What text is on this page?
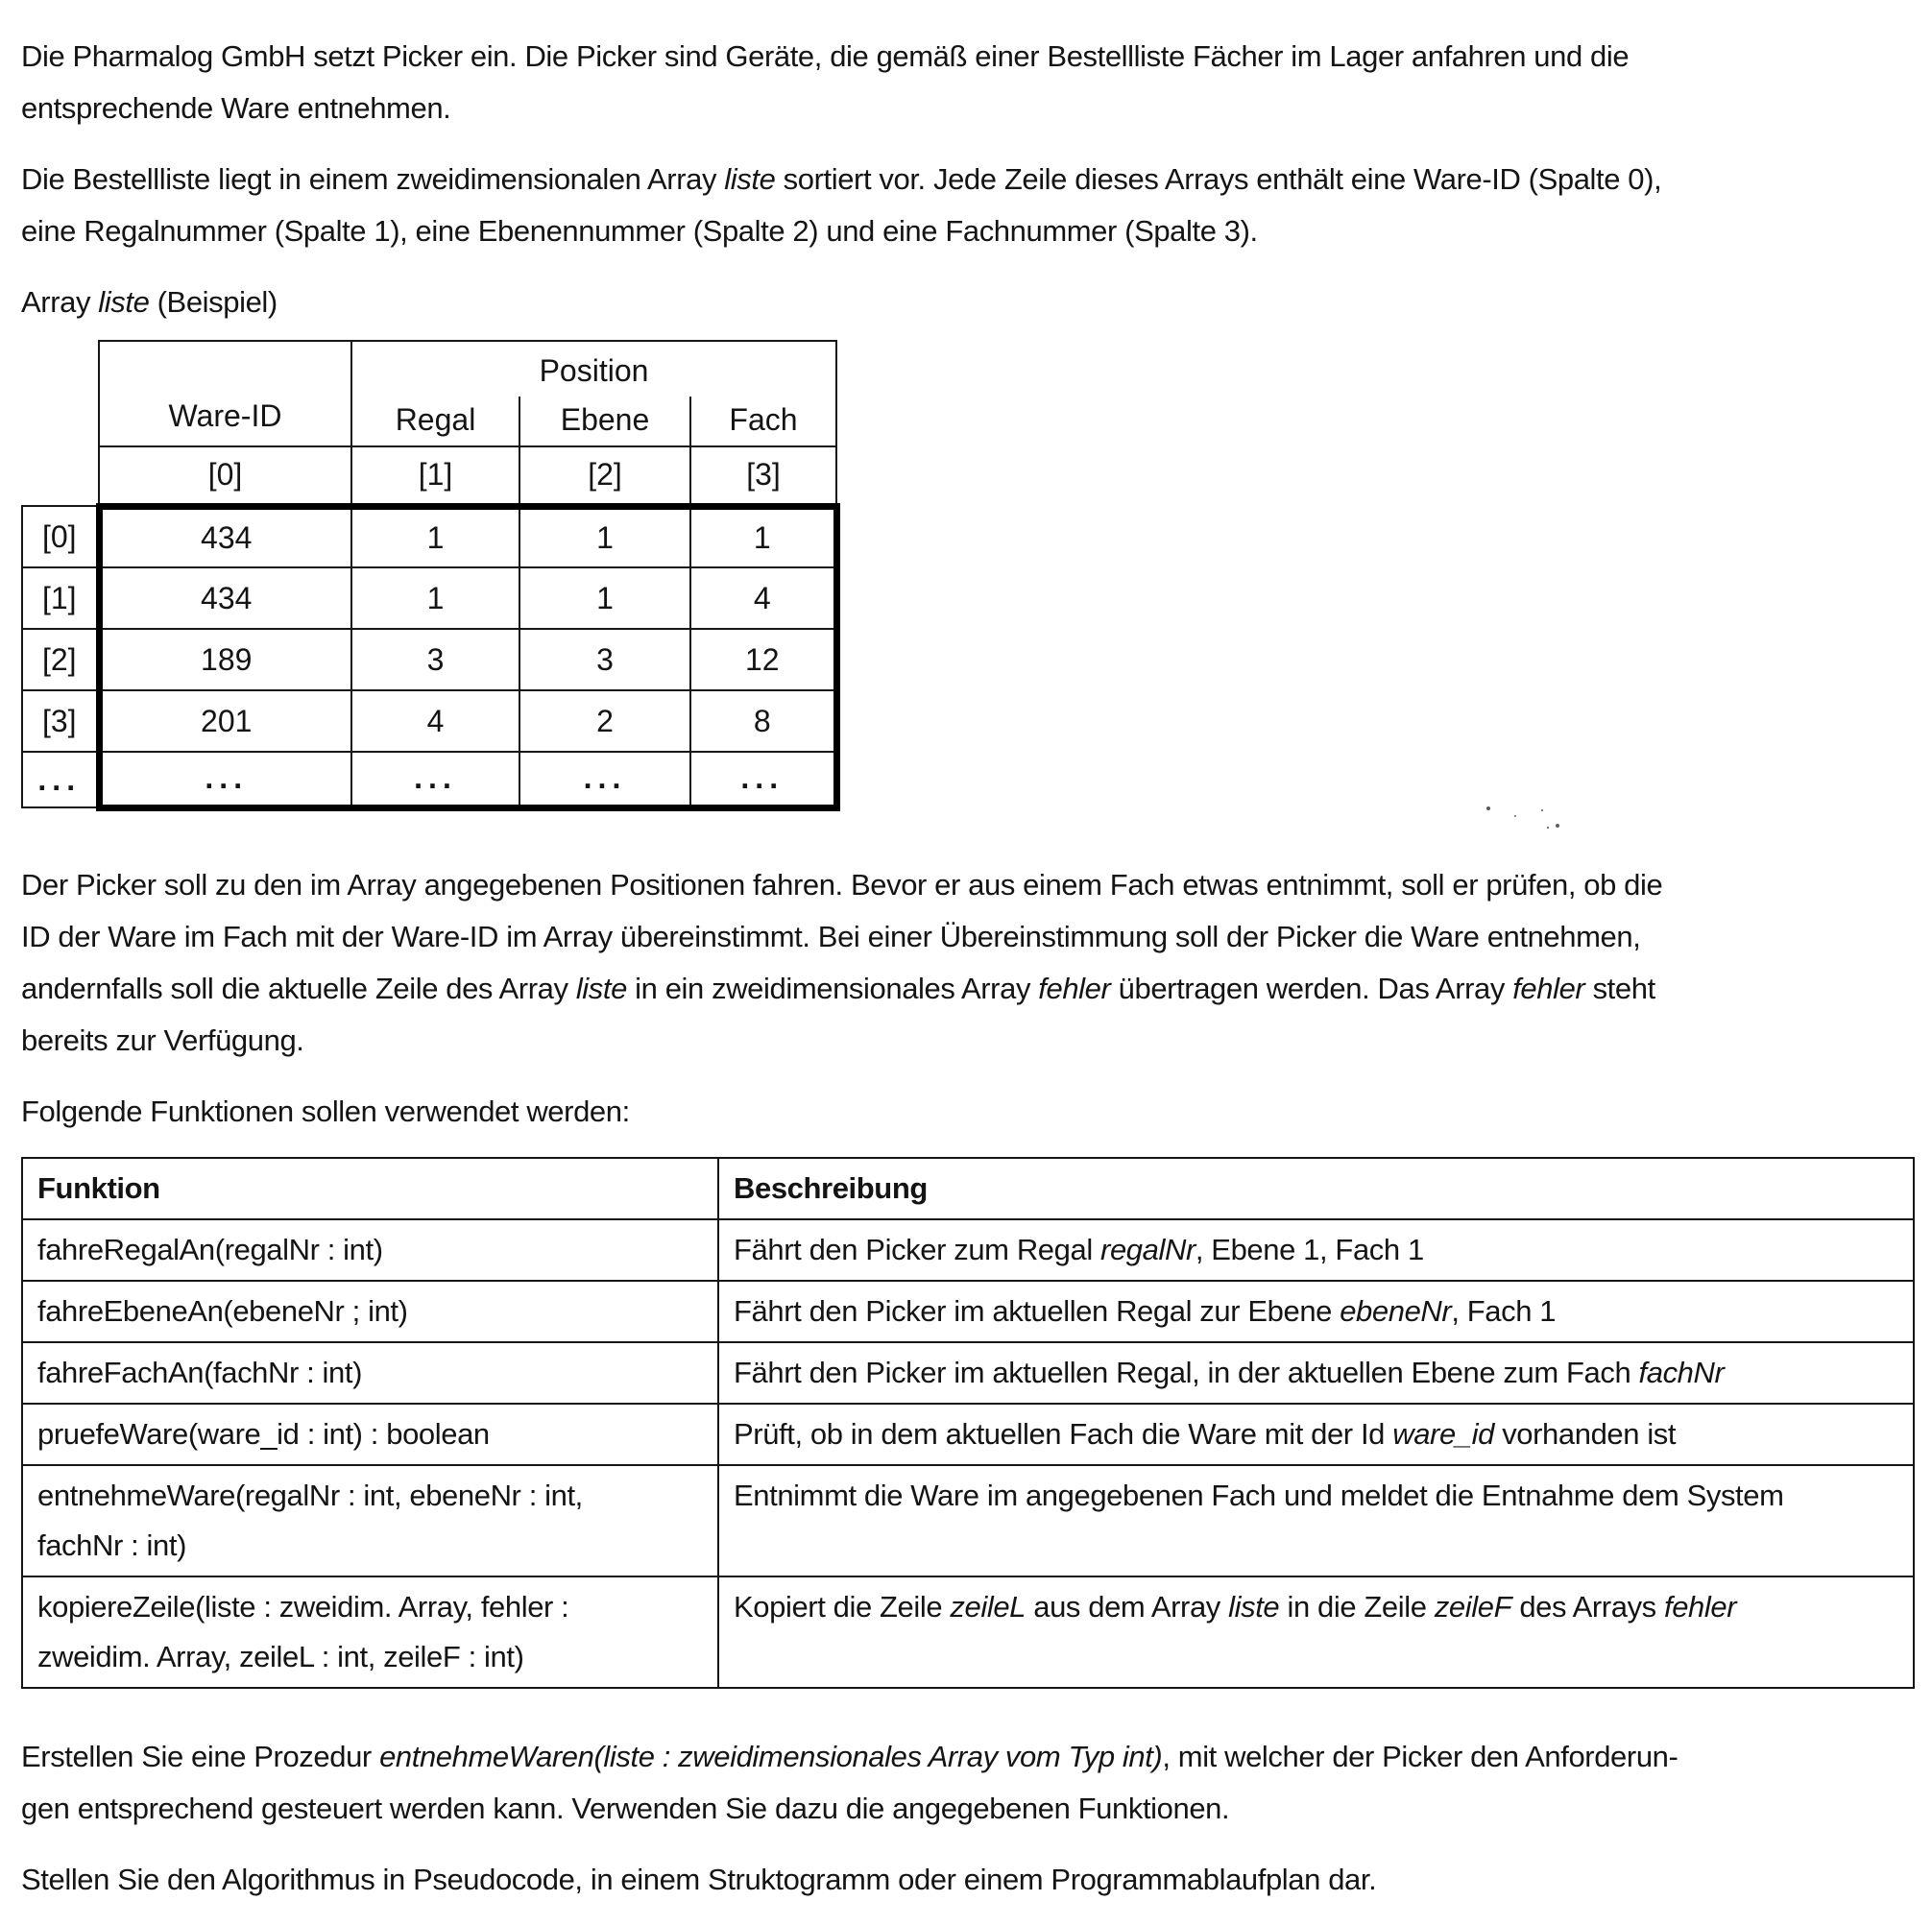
Die Pharmalog GmbH setzt Picker ein. Die Picker sind Geräte, die gemäß einer Bestellliste Fächer im Lager anfahren und die
entsprechende Ware entnehmen.

Die Bestellliste liegt in einem zweidimensionalen Array liste sortiert vor. Jede Zeile dieses Arrays enthält eine Ware-ID (Spalte 0),
eine Regalnummer (Spalte 1), eine Ebenennummer (Spalte 2) und eine Fachnummer (Spalte 3).

Array liste (Beispiel)

	Ware-ID	Position		
		Regal	Ebene	Fach
	[0]	[1]	[2]	[3]
[0]	434	1	1	1
[1]	434	1	1	4
[2]	189	3	3	12
[3]	201	4	2	8
...	...	...	...	...

Der Picker soll zu den im Array angegebenen Positionen fahren. Bevor er aus einem Fach etwas entnimmt, soll er prüfen, ob die
ID der Ware im Fach mit der Ware-ID im Array übereinstimmt. Bei einer Übereinstimmung soll der Picker die Ware entnehmen,
andernfalls soll die aktuelle Zeile des Array liste in ein zweidimensionales Array fehler übertragen werden. Das Array fehler steht
bereits zur Verfügung.

Folgende Funktionen sollen verwendet werden:

Funktion	Beschreibung
fahreRegalAn(regalNr : int)	Fährt den Picker zum Regal regalNr, Ebene 1, Fach 1
fahreEbeneAn(ebeneNr ; int)	Fährt den Picker im aktuellen Regal zur Ebene ebeneNr, Fach 1
fahreFachAn(fachNr : int)	Fährt den Picker im aktuellen Regal, in der aktuellen Ebene zum Fach fachNr
pruefeWare(ware_id : int) : boolean	Prüft, ob in dem aktuellen Fach die Ware mit der Id ware_id vorhanden ist
entnehmeWare(regalNr : int, ebeneNr : int,
fachNr : int)	Entnimmt die Ware im angegebenen Fach und meldet die Entnahme dem System
kopiereZeile(liste : zweidim. Array, fehler :
zweidim. Array, zeileL : int, zeileF : int)	Kopiert die Zeile zeileL aus dem Array liste in die Zeile zeileF des Arrays fehler

Erstellen Sie eine Prozedur entnehmeWaren(liste : zweidimensionales Array vom Typ int), mit welcher der Picker den Anforderun-
gen entsprechend gesteuert werden kann. Verwenden Sie dazu die angegebenen Funktionen.

Stellen Sie den Algorithmus in Pseudocode, in einem Struktogramm oder einem Programmablaufplan dar.
